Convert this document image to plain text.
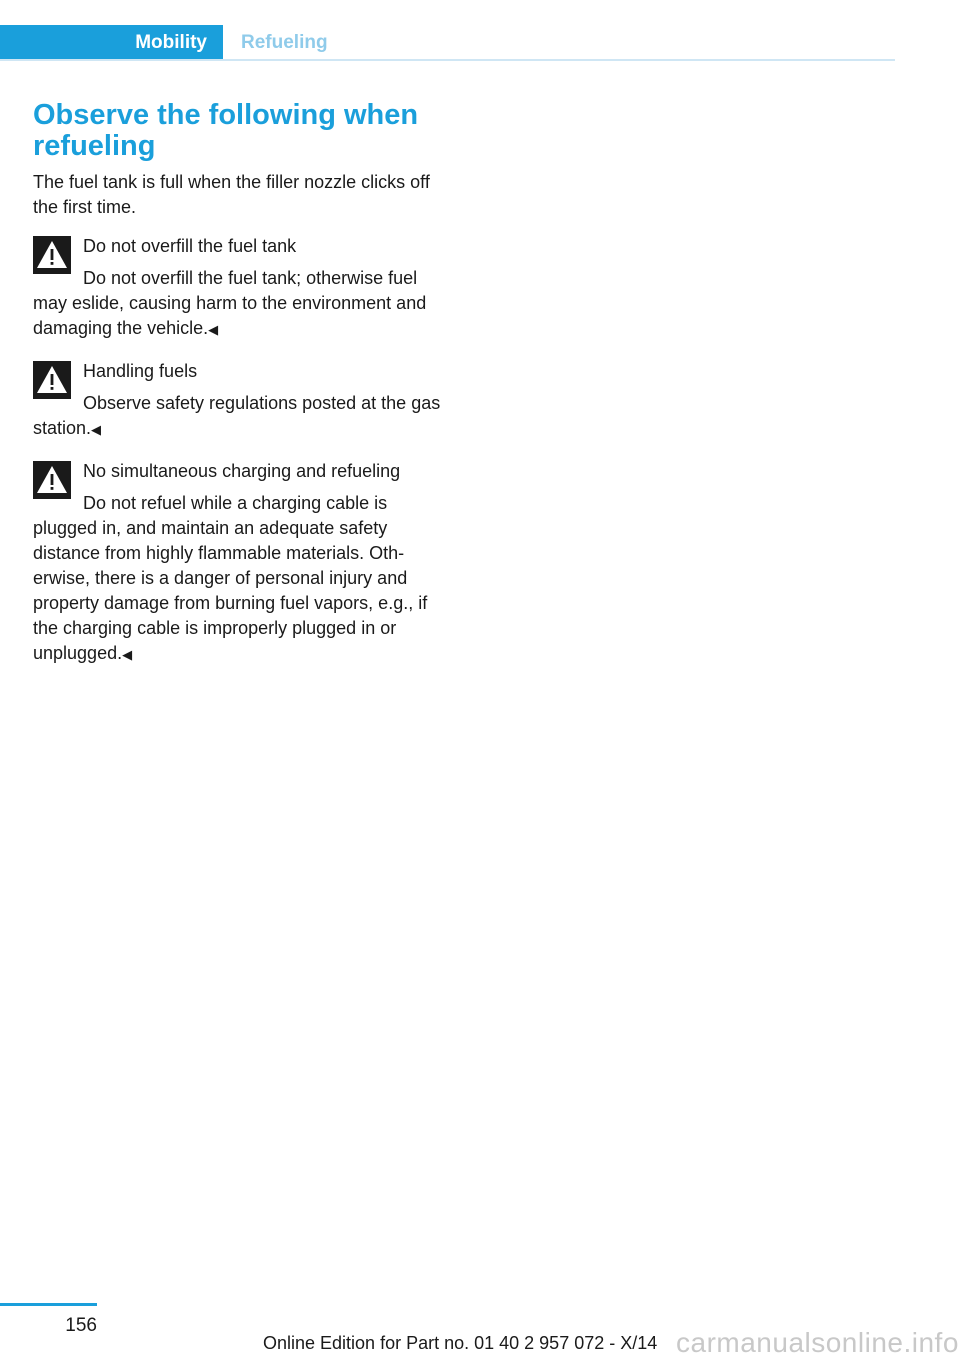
Mobility	Refueling
Observe the following when refueling

The fuel tank is full when the filler nozzle clicks off the first time.

Do not overfill the fuel tank
Do not overfill the fuel tank; otherwise fuel may eslide, causing harm to the environment and damaging the vehicle.◀
Handling fuels
Observe safety regulations posted at the gas station.◀
No simultaneous charging and refueling
Do not refuel while a charging cable is plugged in, and maintain an adequate safety distance from highly flammable materials. Otherwise, there is a danger of personal injury and property damage from burning fuel vapors, e.g., if the charging cable is improperly plugged in or unplugged.◀
156
Online Edition for Part no. 01 40 2 957 072 - X/14 carmanualsonline.info
